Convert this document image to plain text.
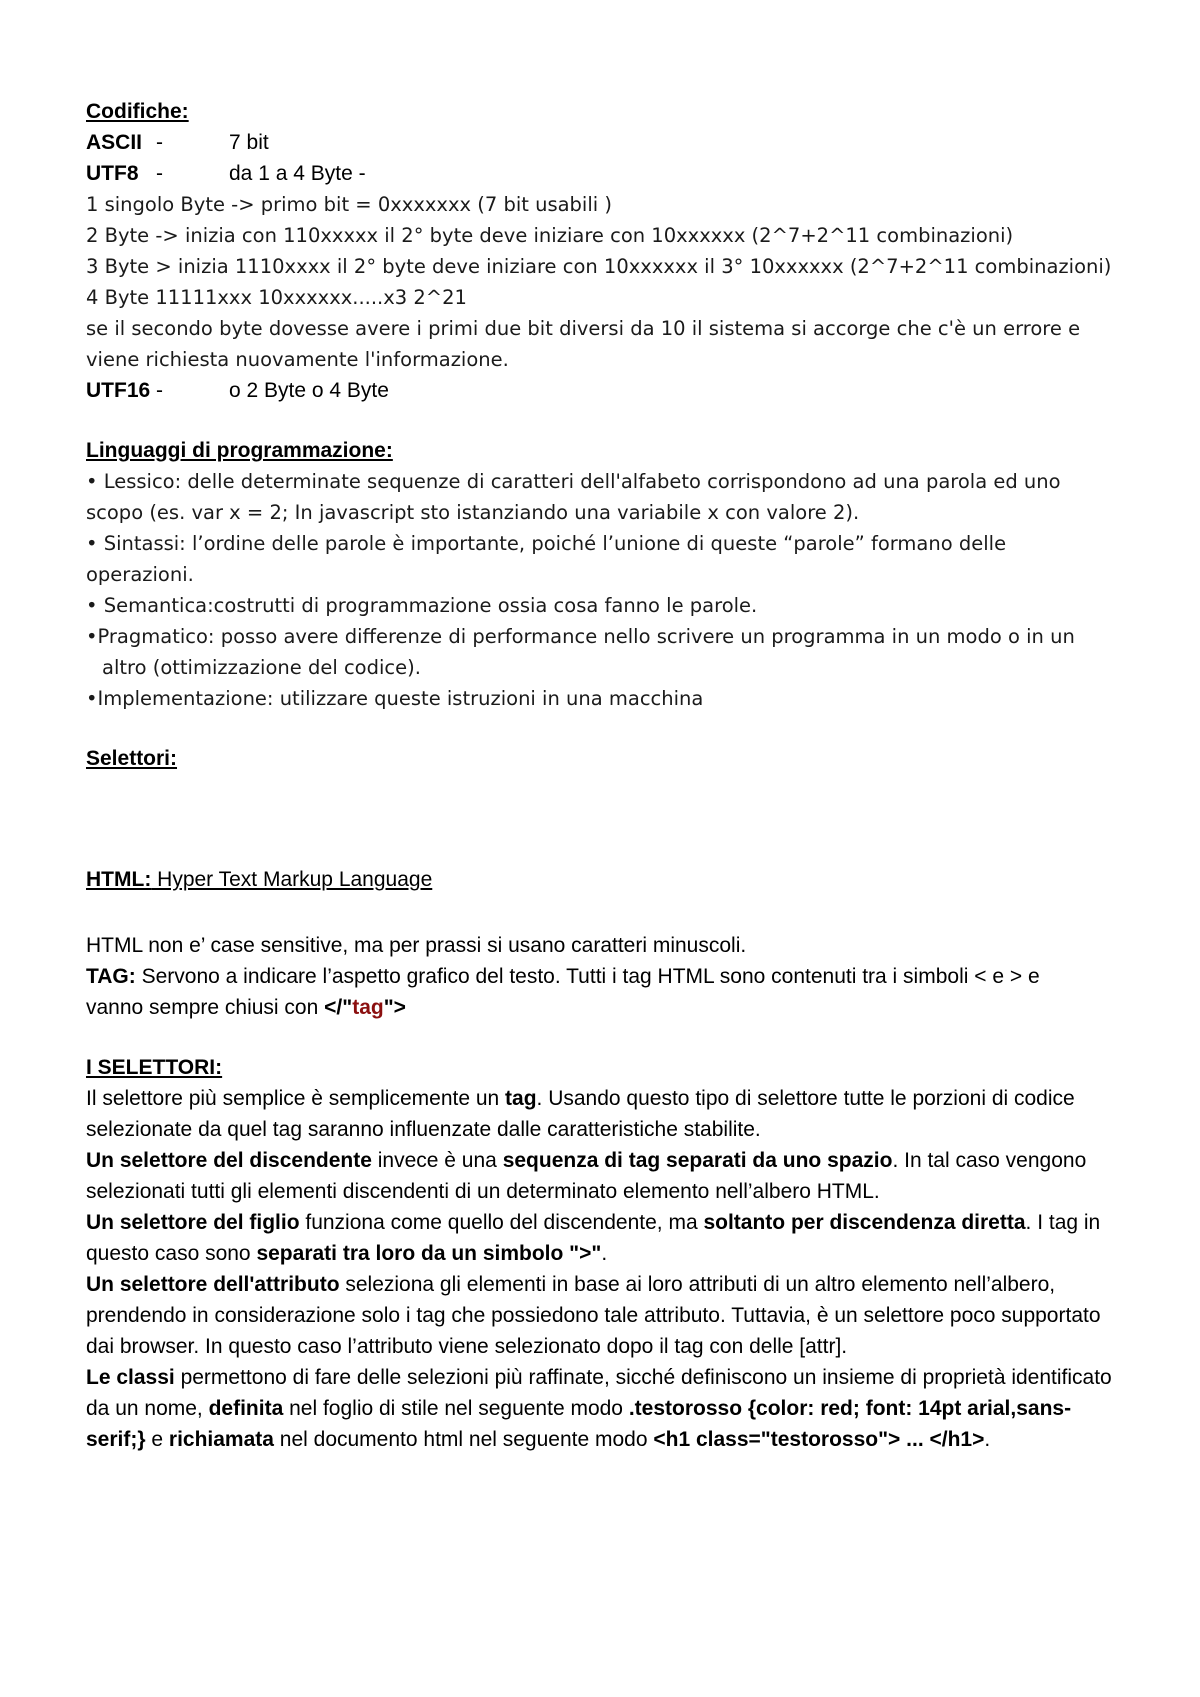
Codifiche:
ASCII -	7 bit
UTF8 -	da 1 a 4 Byte -
1 singolo Byte -> primo bit = 0xxxxxxx (7 bit usabili )
2 Byte -> inizia con 110xxxxx il 2° byte deve iniziare con 10xxxxxx (2^7+2^11 combinazioni)
3 Byte > inizia 1110xxxx il 2° byte deve iniziare con 10xxxxxx il 3° 10xxxxxx (2^7+2^11 combinazioni)
4 Byte 11111xxx 10xxxxxx.....x3 2^21
se il secondo byte dovesse avere i primi due bit diversi da 10 il sistema si accorge che c'è un errore e
viene richiesta nuovamente l'informazione.
UTF16 -	o 2 Byte o 4 Byte
Linguaggi di programmazione:
• Lessico: delle determinate sequenze di caratteri dell'alfabeto corrispondono ad una parola ed uno
scopo (es. var x = 2; In javascript sto istanziando una variabile x con valore 2).
• Sintassi: l’ordine delle parole è importante, poiché l’unione di queste “parole” formano delle
operazioni.
• Semantica:costrutti di programmazione ossia cosa fanno le parole.
•Pragmatico: posso avere differenze di performance nello scrivere un programma in un modo o in un
altro (ottimizzazione del codice).
•Implementazione: utilizzare queste istruzioni in una macchina
Selettori:
HTML: Hyper Text Markup Language
HTML non e’ case sensitive, ma per prassi si usano caratteri minuscoli.
TAG: Servono a indicare l’aspetto grafico del testo. Tutti i tag HTML sono contenuti tra i simboli < e > e
vanno sempre chiusi con </"tag">
I SELETTORI:
Il selettore più semplice è semplicemente un tag. Usando questo tipo di selettore tutte le porzioni di codice selezionate da quel tag saranno influenzate dalle caratteristiche stabilite.
Un selettore del discendente invece è una sequenza di tag separati da uno spazio. In tal caso vengono selezionati tutti gli elementi discendenti di un determinato elemento nell’albero HTML.
Un selettore del figlio funziona come quello del discendente, ma soltanto per discendenza diretta. I tag in questo caso sono separati tra loro da un simbolo ">".
Un selettore dell'attributo seleziona gli elementi in base ai loro attributi di un altro elemento nell’albero, prendendo in considerazione solo i tag che possiedono tale attributo. Tuttavia, è un selettore poco supportato dai browser. In questo caso l’attributo viene selezionato dopo il tag con delle [attr].
Le classi permettono di fare delle selezioni più raffinate, sicché definiscono un insieme di proprietà identificato da un nome, definita nel foglio di stile nel seguente modo .testorosso {color: red; font: 14pt arial,sans-serif;} e richiamata nel documento html nel seguente modo <h1 class="testorosso"> ... </h1>.
